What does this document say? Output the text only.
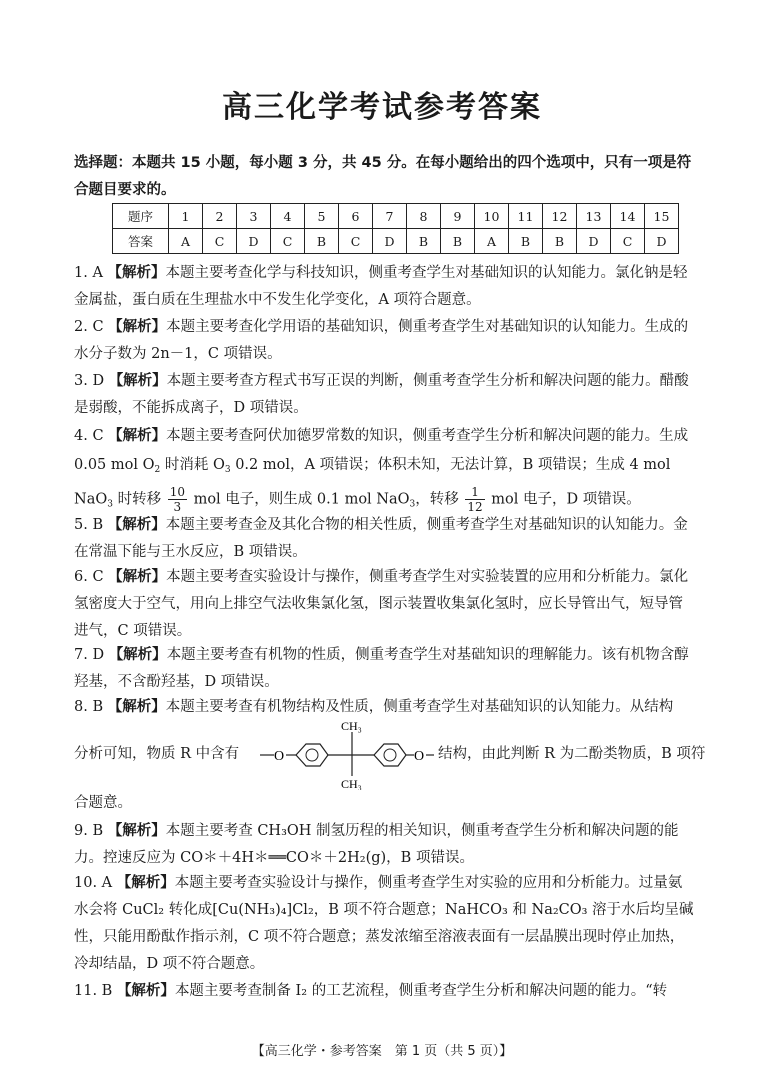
高三化学考试参考答案
选择题：本题共 15 小题，每小题 3 分，共 45 分。在每小题给出的四个选项中，只有一项是符合题目要求的。
题序	1	2	3	4	5	6	7	8	9	10	11	12	13	14	15
答案	A	C	D	C	B	C	D	B	B	A	B	B	D	C	D
1. A 【解析】本题主要考查化学与科技知识，侧重考查学生对基础知识的认知能力。氯化钠是轻金属盐，蛋白质在生理盐水中不发生化学变化，A 项符合题意。
2. C 【解析】本题主要考查化学用语的基础知识，侧重考查学生对基础知识的认知能力。生成的水分子数为 2n－1，C 项错误。
3. D 【解析】本题主要考查方程式书写正误的判断，侧重考查学生分析和解决问题的能力。醋酸是弱酸，不能拆成离子，D 项错误。
4. C 【解析】本题主要考查阿伏加德罗常数的知识，侧重考查学生分析和解决问题的能力。生成 0.05 mol $O_2$ 时消耗 $O_3$ 0.2 mol，A 项错误；体积未知，无法计算，B 项错误；生成 4 mol NaO$_3$ 时转移 $\frac{10}{3}$ mol 电子，则生成 0.1 mol NaO$_3$，转移 $\frac{1}{12}$ mol 电子，D 项错误。
5. B 【解析】本题主要考查金及其化合物的相关性质，侧重考查学生对基础知识的认知能力。金在常温下能与王水反应，B 项错误。
6. C 【解析】本题主要考查实验设计与操作，侧重考查学生对实验装置的应用和分析能力。氯化氢密度大于空气，用向上排空气法收集氯化氢，图示装置收集氯化氢时，应长导管出气，短导管进气，C 项错误。
7. D 【解析】本题主要考查有机物的性质，侧重考查学生对基础知识的理解能力。该有机物含醇羟基，不含酚羟基，D 项错误。
8. B 【解析】本题主要考查有机物结构及性质，侧重考查学生对基础知识的认知能力。从结构
分析可知，物质 R 中含有 O
CH₃
CH₃
O 结构，由此判断 R 为二酚类物质，B 项符
合题意。
9. B 【解析】本题主要考查 CH₃OH 制氢历程的相关知识，侧重考查学生分析和解决问题的能力。控速反应为 CO＊＋4H＊══CO＊＋2H₂(g)，B 项错误。
10. A 【解析】本题主要考查实验设计与操作，侧重考查学生对实验的应用和分析能力。过量氨水会将 CuCl₂ 转化成[Cu(NH₃)₄]Cl₂，B 项不符合题意；NaHCO₃ 和 Na₂CO₃ 溶于水后均呈碱性，只能用酚酞作指示剂，C 项不符合题意；蒸发浓缩至溶液表面有一层晶膜出现时停止加热，冷却结晶，D 项不符合题意。
11. B 【解析】本题主要考查制备 I₂ 的工艺流程，侧重考查学生分析和解决问题的能力。“转
【高三化学・参考答案　第 1 页（共 5 页）】
